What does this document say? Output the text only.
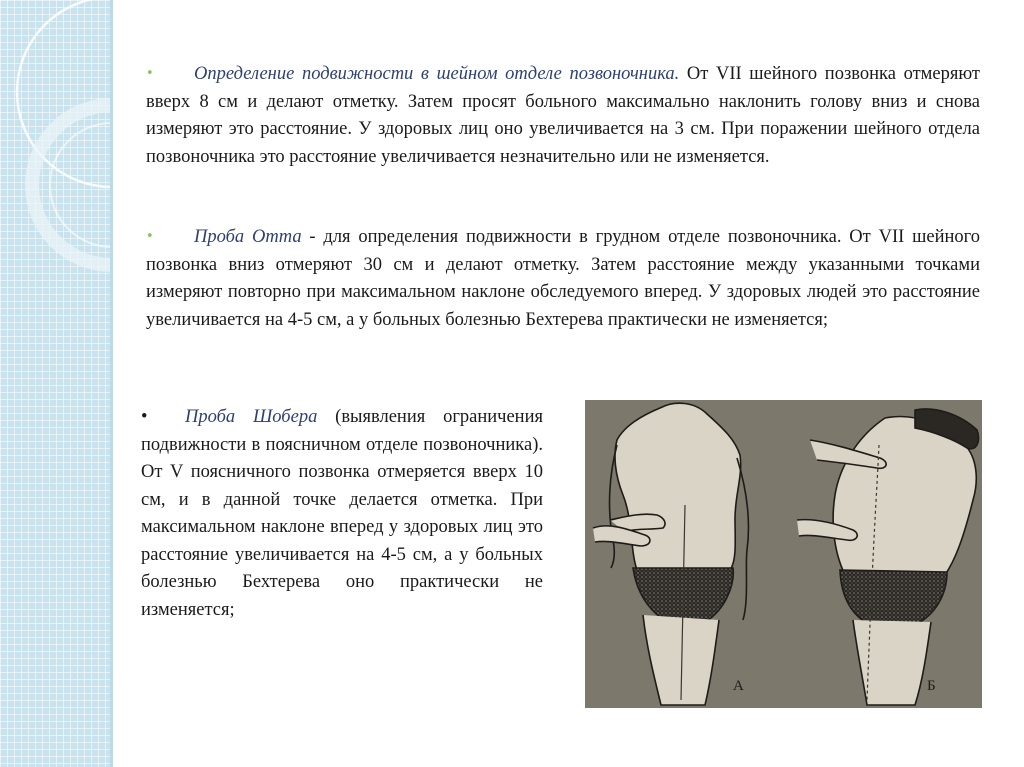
• Определение подвижности в шейном отделе позвоночника. От VII шейного позвонка отмеряют вверх 8 см и делают отметку. Затем просят больного максимально наклонить голову вниз и снова измеряют это расстояние. У здоровых лиц оно увеличивается на 3 см. При поражении шейного отдела позвоночника это расстояние увеличивается незначительно или не изменяется.

• Проба Отта - для определения подвижности в грудном отделе позвоночника. От VII шейного позвонка вниз отмеряют 30 см и делают отметку. Затем расстояние между указанными точками измеряют повторно при максимальном наклоне обследуемого вперед. У здоровых людей это расстояние увеличивается на 4-5 см, а у больных болезнью Бехтерева практически не изменяется;

• Проба Шобера (выявления ограничения подвижности в поясничном отделе позвоночника). От V поясничного позвонка отмеряется вверх 10 см, и в данной точке делается отметка. При максимальном наклоне вперед у здоровых лиц это расстояние увеличивается на 4-5 см, а у больных болезнью Бехтерева оно практически не изменяется;

А	Б
